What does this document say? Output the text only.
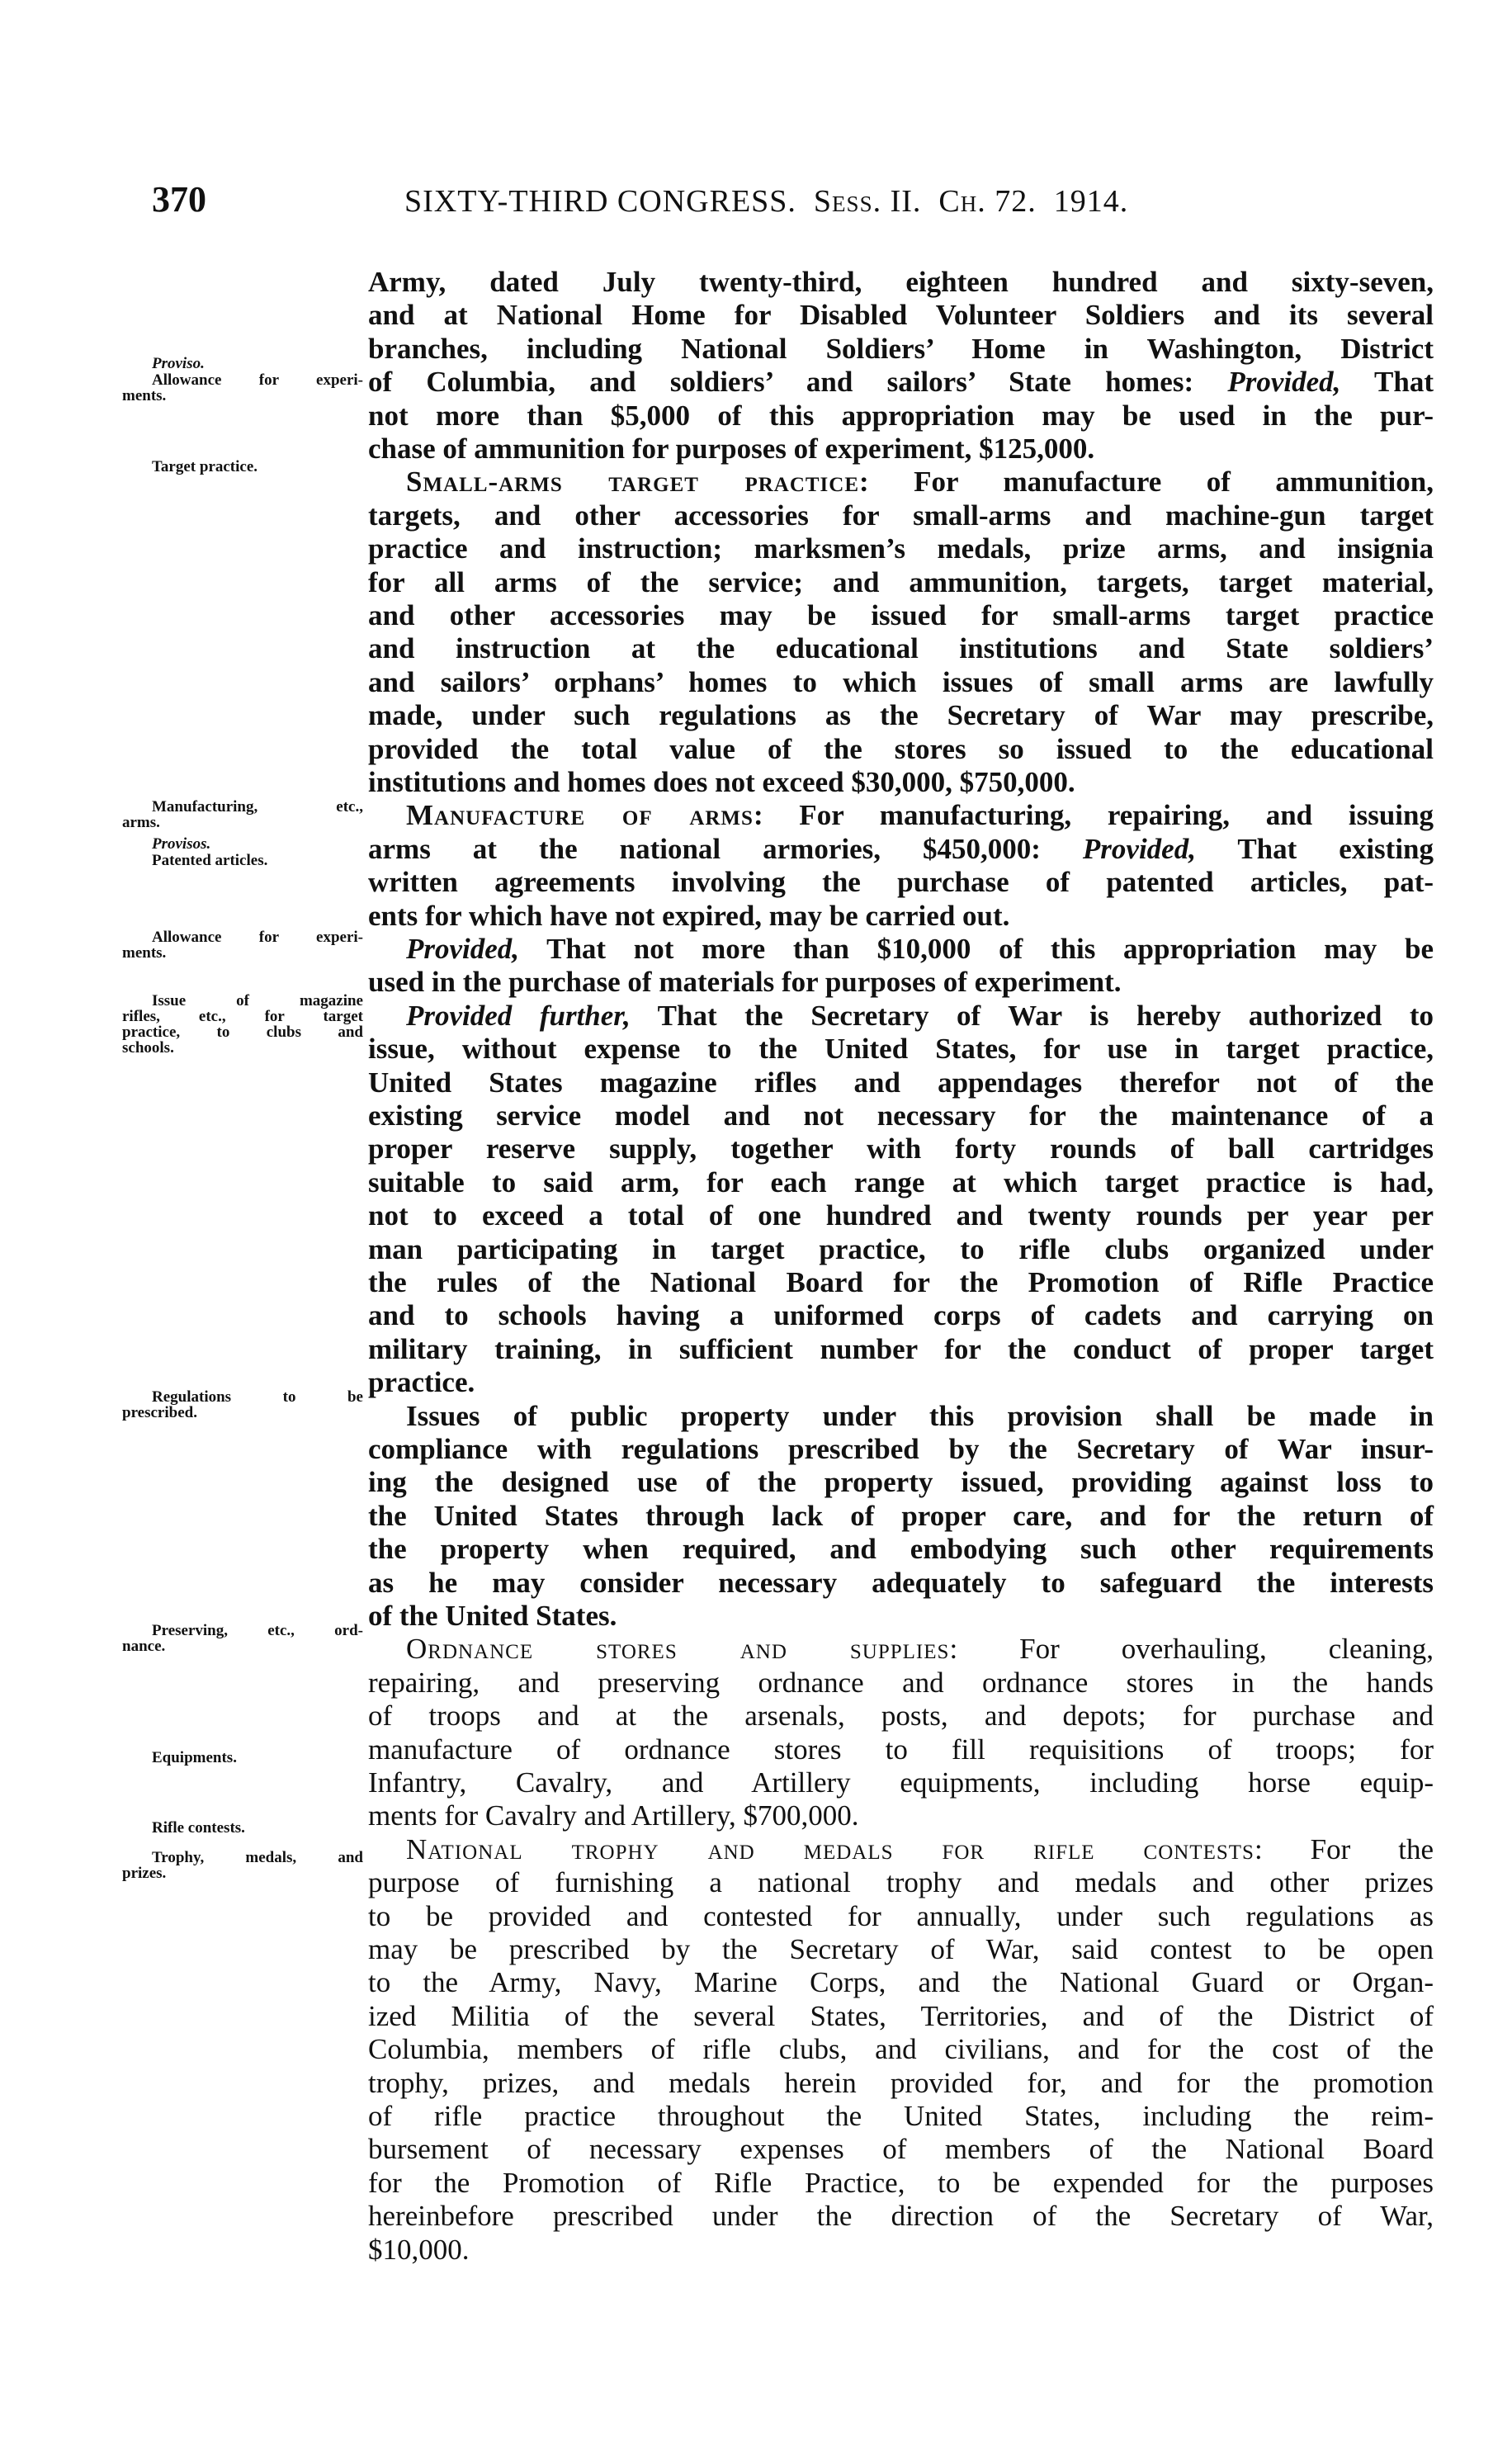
370	SIXTY-THIRD CONGRESS. Sess. II. Ch. 72. 1914.
Army, dated July twenty-third, eighteen hundred and sixty-seven,
and at National Home for Disabled Volunteer Soldiers and its several
branches, including National Soldiers’ Home in Washington, District
of Columbia, and soldiers’ and sailors’ State homes: Provided, That
not more than $5,000 of this appropriation may be used in the pur-
chase of ammunition for purposes of experiment, $125,000.
Small-arms target practice: For manufacture of ammunition,
targets, and other accessories for small-arms and machine-gun target
practice and instruction; marksmen’s medals, prize arms, and insignia
for all arms of the service; and ammunition, targets, target material,
and other accessories may be issued for small-arms target practice
and instruction at the educational institutions and State soldiers’
and sailors’ orphans’ homes to which issues of small arms are lawfully
made, under such regulations as the Secretary of War may prescribe,
provided the total value of the stores so issued to the educational
institutions and homes does not exceed $30,000, $750,000.
Manufacture of arms: For manufacturing, repairing, and issuing
arms at the national armories, $450,000: Provided, That existing
written agreements involving the purchase of patented articles, pat-
ents for which have not expired, may be carried out.
Provided, That not more than $10,000 of this appropriation may be
used in the purchase of materials for purposes of experiment.
Provided further, That the Secretary of War is hereby authorized to
issue, without expense to the United States, for use in target practice,
United States magazine rifles and appendages therefor not of the
existing service model and not necessary for the maintenance of a
proper reserve supply, together with forty rounds of ball cartridges
suitable to said arm, for each range at which target practice is had,
not to exceed a total of one hundred and twenty rounds per year per
man participating in target practice, to rifle clubs organized under
the rules of the National Board for the Promotion of Rifle Practice
and to schools having a uniformed corps of cadets and carrying on
military training, in sufficient number for the conduct of proper target
practice.
Issues of public property under this provision shall be made in
compliance with regulations prescribed by the Secretary of War insur-
ing the designed use of the property issued, providing against loss to
the United States through lack of proper care, and for the return of
the property when required, and embodying such other requirements
as he may consider necessary adequately to safeguard the interests
of the United States.
Ordnance stores and supplies: For overhauling, cleaning,
repairing, and preserving ordnance and ordnance stores in the hands
of troops and at the arsenals, posts, and depots; for purchase and
manufacture of ordnance stores to fill requisitions of troops; for
Infantry, Cavalry, and Artillery equipments, including horse equip-
ments for Cavalry and Artillery, $700,000.
National trophy and medals for rifle contests: For the
purpose of furnishing a national trophy and medals and other prizes
to be provided and contested for annually, under such regulations as
may be prescribed by the Secretary of War, said contest to be open
to the Army, Navy, Marine Corps, and the National Guard or Organ-
ized Militia of the several States, Territories, and of the District of
Columbia, members of rifle clubs, and civilians, and for the cost of the
trophy, prizes, and medals herein provided for, and for the promotion
of rifle practice throughout the United States, including the reim-
bursement of necessary expenses of members of the National Board
for the Promotion of Rifle Practice, to be expended for the purposes
hereinbefore prescribed under the direction of the Secretary of War,
$10,000.
Proviso.
Allowance for experi-
ments.
Target practice.
Manufacturing, etc.,
arms.
Provisos.
Patented articles.
Allowance for experi-
ments.
Issue of magazine
rifles, etc., for target
practice, to clubs and
schools.
Regulations to be
prescribed.
Preserving, etc., ord-
nance.
Equipments.
Rifle contests.
Trophy, medals, and
prizes.
